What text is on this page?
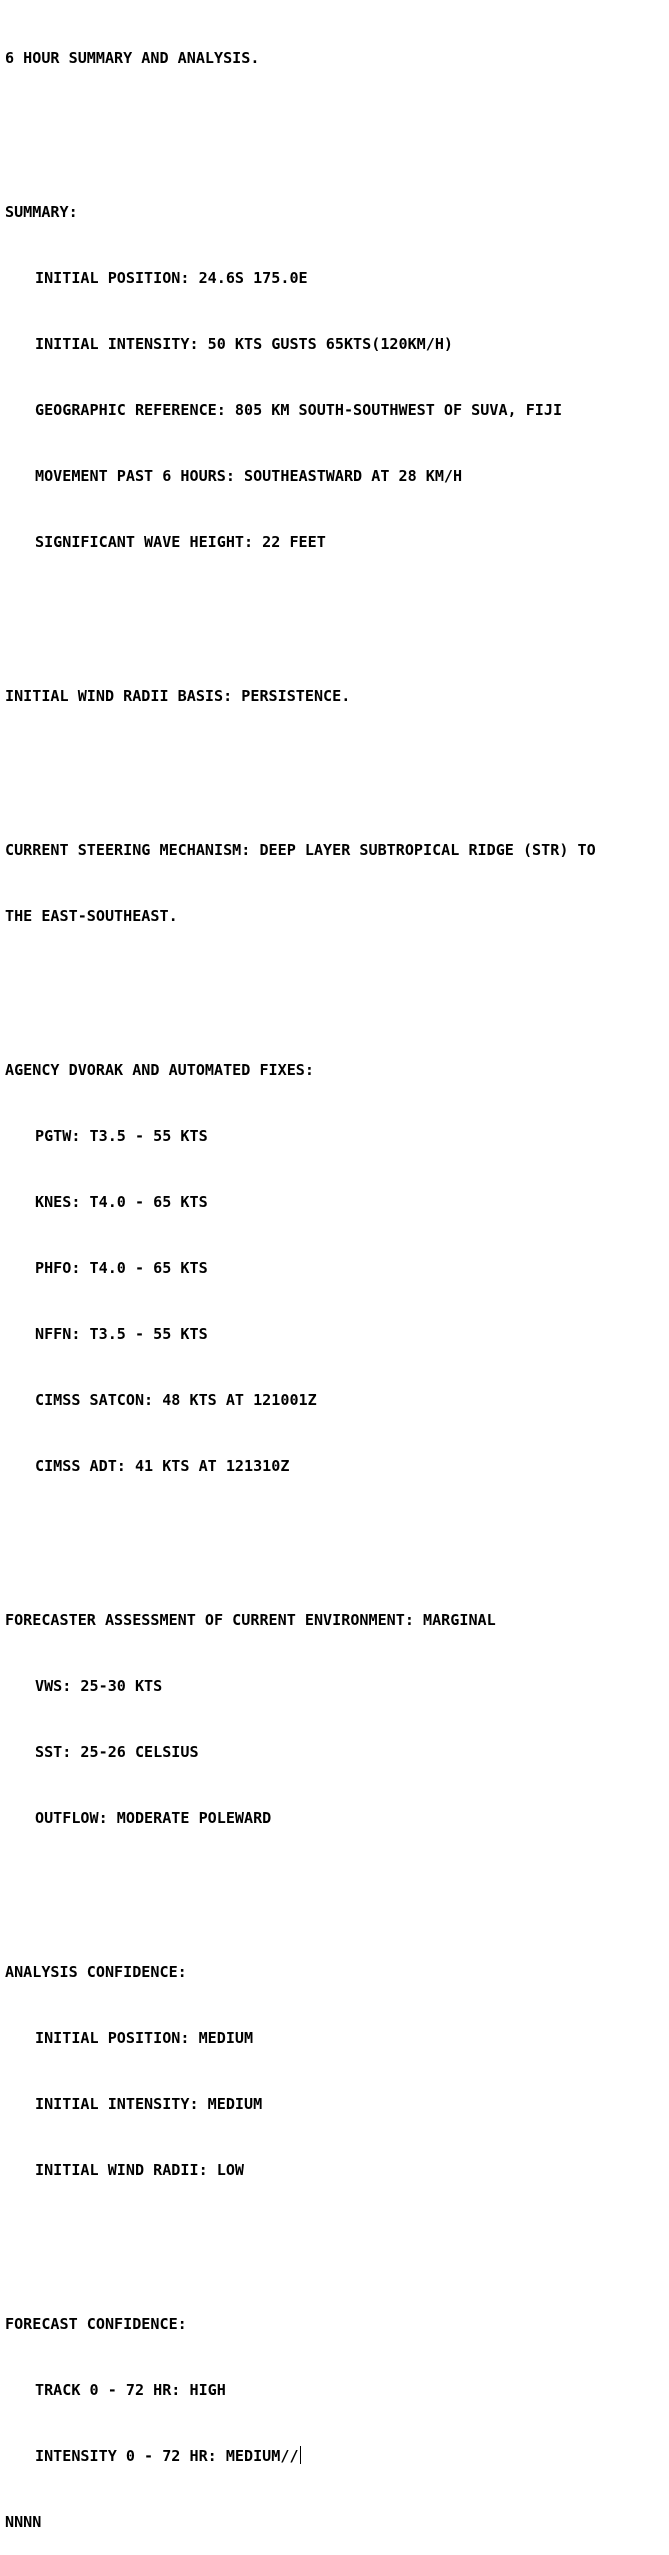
6 HOUR SUMMARY AND ANALYSIS.

SUMMARY:

INITIAL POSITION: 24.6S 175.0E

INITIAL INTENSITY: 50 KTS GUSTS 65KTS(120KM/H)

GEOGRAPHIC REFERENCE: 805 KM SOUTH-SOUTHWEST OF SUVA, FIJI

MOVEMENT PAST 6 HOURS: SOUTHEASTWARD AT 28 KM/H

SIGNIFICANT WAVE HEIGHT: 22 FEET

INITIAL WIND RADII BASIS: PERSISTENCE.

CURRENT STEERING MECHANISM: DEEP LAYER SUBTROPICAL RIDGE (STR) TO

THE EAST-SOUTHEAST.

AGENCY DVORAK AND AUTOMATED FIXES:

PGTW: T3.5 - 55 KTS

KNES: T4.0 - 65 KTS

PHFO: T4.0 - 65 KTS

NFFN: T3.5 - 55 KTS

CIMSS SATCON: 48 KTS AT 121001Z

CIMSS ADT: 41 KTS AT 121310Z

FORECASTER ASSESSMENT OF CURRENT ENVIRONMENT: MARGINAL

VWS: 25-30 KTS

SST: 25-26 CELSIUS

OUTFLOW: MODERATE POLEWARD

ANALYSIS CONFIDENCE:

INITIAL POSITION: MEDIUM

INITIAL INTENSITY: MEDIUM

INITIAL WIND RADII: LOW

FORECAST CONFIDENCE:

TRACK 0 - 72 HR: HIGH

INTENSITY 0 - 72 HR: MEDIUM//

NNNN
